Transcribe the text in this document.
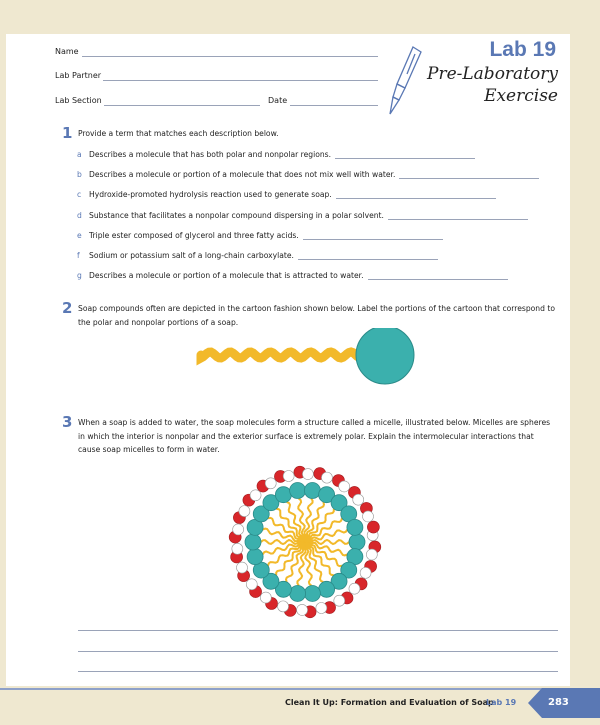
Name
Lab Partner
Lab Section	Date
Lab 19
Pre-Laboratory
Exercise
1 Provide a term that matches each description below.
a Describes a molecule that has both polar and nonpolar regions.
b Describes a molecule or portion of a molecule that does not mix well with water.
c	Hydroxide-promoted hydrolysis reaction used to generate soap.
d Substance that facilitates a nonpolar compound dispersing in a polar solvent.
e Triple ester composed of glycerol and three fatty acids.
f	Sodium or potassium salt of a long-chain carboxylate.
g Describes a molecule or portion of a molecule that is attracted to water.
2 Soap compounds often are depicted in the cartoon fashion shown below. Label the portions of the cartoon that correspond to the polar and nonpolar portions of a soap.
3 When a soap is added to water, the soap molecules form a structure called a micelle, illustrated below. Micelles are spheres in which the interior is nonpolar and the exterior surface is extremely polar. Explain the intermolecular interactions that cause soap micelles to form in water.
Clean It Up: Formation and Evaluation of Soap
Lab 19	283
